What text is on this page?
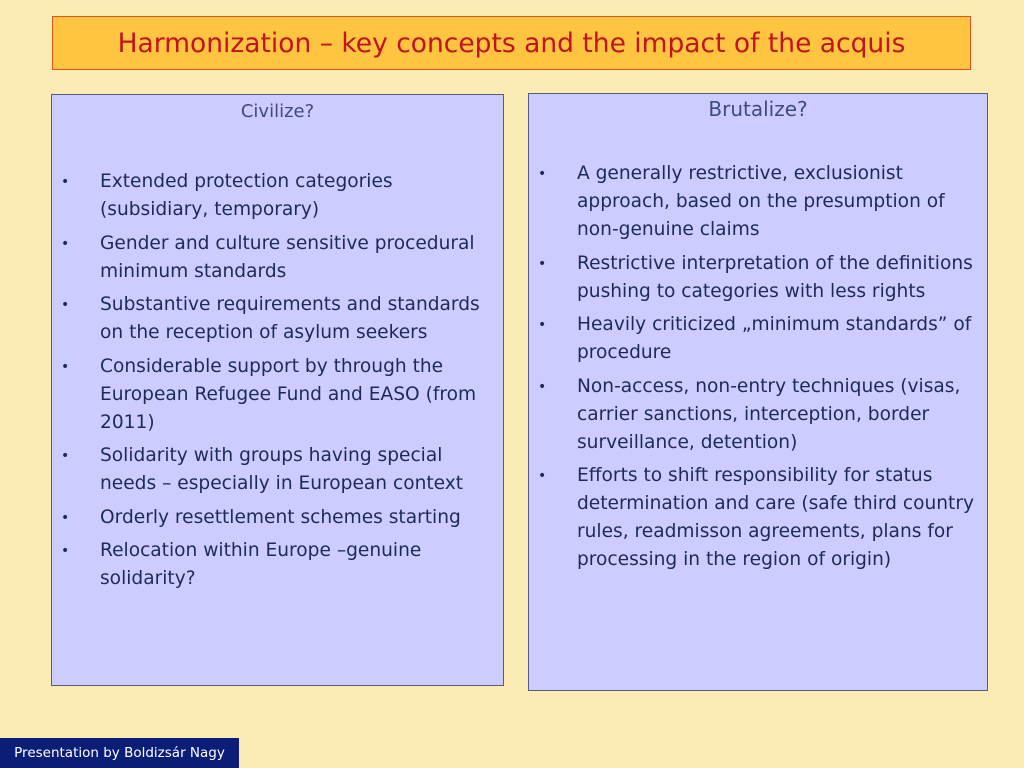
Harmonization – key concepts and the impact of the acquis
Civilize?
• Extended protection categories (subsidiary, temporary)
• Gender and culture sensitive procedural minimum standards
• Substantive requirements and standards on the reception of asylum seekers
• Considerable support by through the European Refugee Fund and EASO (from 2011)
• Solidarity with groups having special needs – especially in European context
• Orderly resettlement schemes starting
• Relocation within Europe –genuine solidarity?
Brutalize?
• A generally restrictive, exclusionist approach, based on the presumption of non-genuine claims
• Restrictive interpretation of the definitions pushing to categories with less rights
• Heavily criticized „minimum standards” of procedure
• Non-access, non-entry techniques (visas, carrier sanctions, interception, border surveillance, detention)
• Efforts to shift responsibility for status determination and care (safe third country rules, readmisson agreements, plans for processing in the region of origin)
Presentation by Boldizsár Nagy
